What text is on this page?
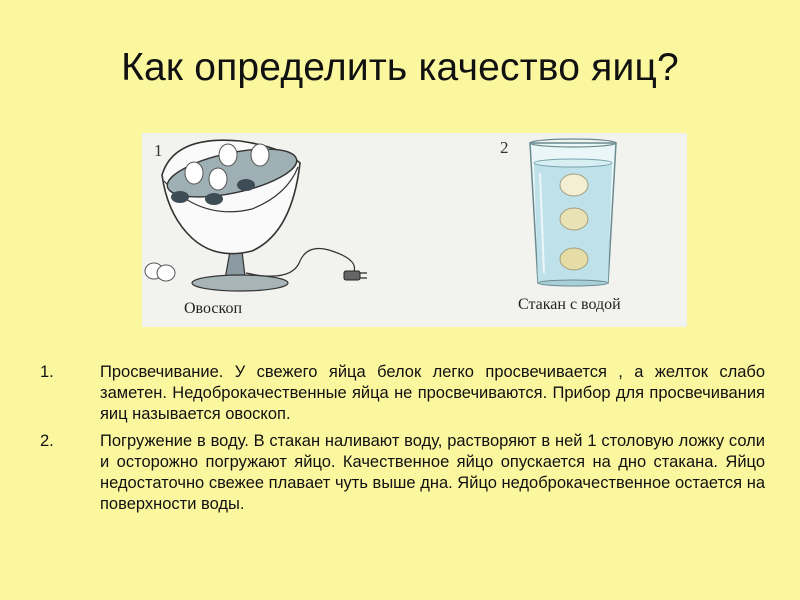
Как определить качество яиц?
1
Овоскоп
2
Стакан с водой
1.	Просвечивание. У свежего яйца белок легко просвечивается , а желток слабо заметен. Недоброкачественные яйца не просвечиваются. Прибор для просвечивания яиц называется овоскоп.
2.	Погружение в воду. В стакан наливают воду, растворяют в ней 1 столовую ложку соли и осторожно погружают яйцо. Качественное яйцо опускается на дно стакана. Яйцо недостаточно свежее плавает чуть выше дна. Яйцо недоброкачественное остается на поверхности воды.
